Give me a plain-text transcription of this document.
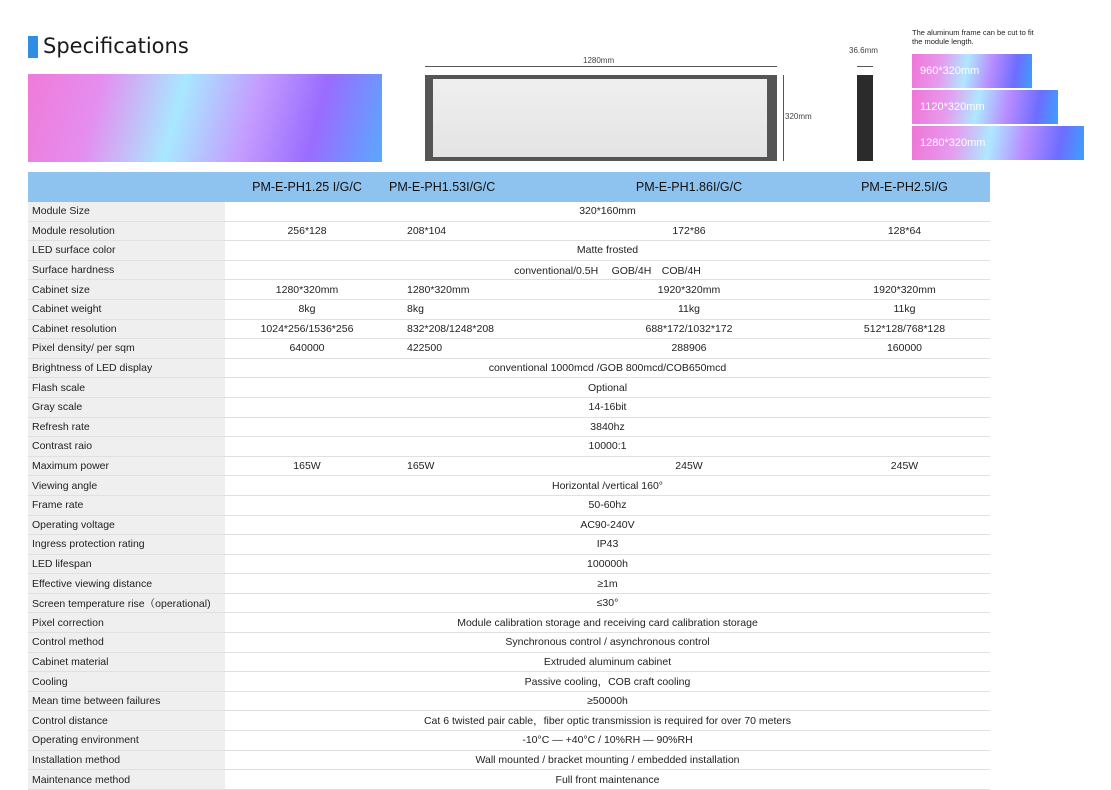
Specifications
1280mm
320mm
36.6mm
The aluminum frame can be cut to fit the module length.
960*320mm
1120*320mm
1280*320mm
	PM-E-PH1.25 I/G/C	PM-E-PH1.53I/G/C	PM-E-PH1.86I/G/C	PM-E-PH2.5I/G
Module Size	320*160mm			
Module resolution	256*128	208*104	172*86	128*64
LED surface color	Matte frosted			
Surface hardness	conventional/0.5H　 GOB/4H　COB/4H			
Cabinet size	1280*320mm	1280*320mm	1920*320mm	1920*320mm
Cabinet weight	8kg	8kg	11kg	11kg
Cabinet resolution	1024*256/1536*256	832*208/1248*208	688*172/1032*172	512*128/768*128
Pixel density/ per sqm	640000	422500	288906	160000
Brightness of LED display	conventional 1000mcd /GOB 800mcd/COB650mcd			
Flash scale	Optional			
Gray scale	14-16bit			
Refresh rate	3840hz			
Contrast raio	10000:1			
Maximum power	165W	165W	245W	245W
Viewing angle	Horizontal /vertical 160°			
Frame rate	50-60hz			
Operating voltage	AC90-240V			
Ingress protection rating	IP43			
LED lifespan	100000h			
Effective viewing distance	≥1m			
Screen temperature rise（operational)	≤30°			
Pixel correction	Module calibration storage and receiving card calibration storage			
Control method	Synchronous control / asynchronous control			
Cabinet material	Extruded aluminum cabinet			
Cooling	Passive cooling，COB craft cooling			
Mean time between failures	≥50000h			
Control distance	Cat 6 twisted pair cable，fiber optic transmission is required for over 70 meters			
Operating environment	-10°C — +40°C / 10%RH — 90%RH			
Installation method	Wall mounted / bracket mounting / embedded installation			
Maintenance method	Full front maintenance			
